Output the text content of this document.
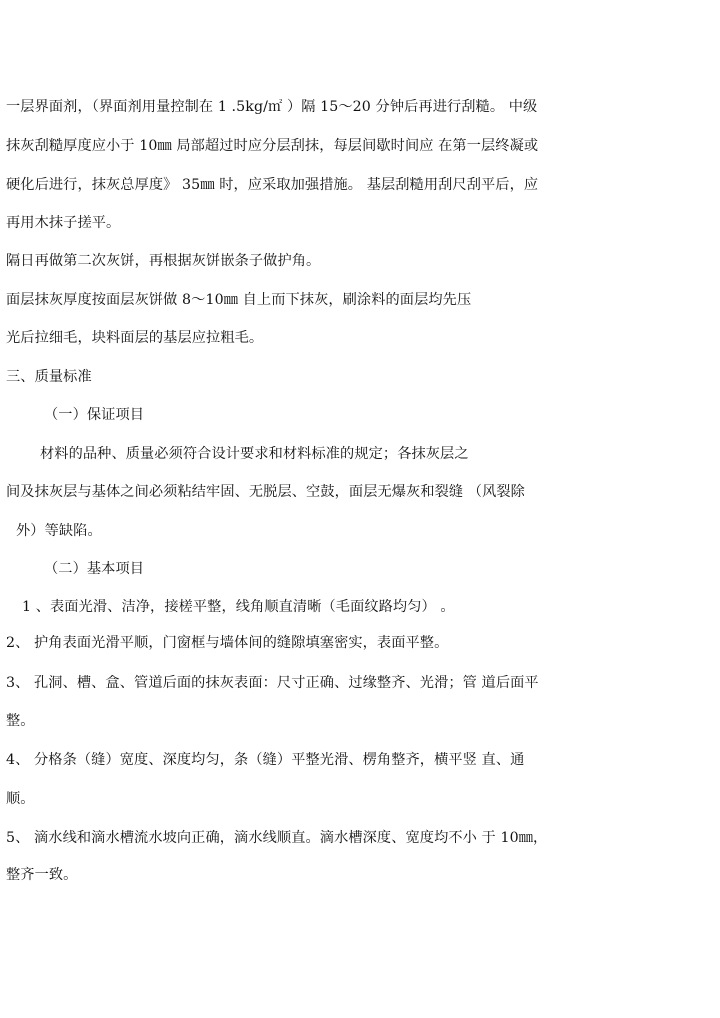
一层界面剂，（界面剂用量控制在 1 .5kg/㎡ ）隔 15～20 分钟后再进行刮糙。 中级
抹灰刮糙厚度应小于 10㎜ 局部超过时应分层刮抹，每层间歇时间应 在第一层终凝或
硬化后进行，抹灰总厚度》 35㎜ 时，应采取加强措施。 基层刮糙用刮尺刮平后，应
再用木抹子搓平。
隔日再做第二次灰饼，再根据灰饼嵌条子做护角。
面层抹灰厚度按面层灰饼做 8～10㎜ 自上而下抹灰，刷涂料的面层均先压
光后拉细毛，块料面层的基层应拉粗毛。
三、质量标准
（一）保证项目
材料的品种、质量必须符合设计要求和材料标准的规定；各抹灰层之
间及抹灰层与基体之间必须粘结牢固、无脱层、空鼓，面层无爆灰和裂缝 （风裂除
外）等缺陷。
（二）基本项目
1 、表面光滑、洁净，接槎平整，线角顺直清晰（毛面纹路均匀） 。
2、 护角表面光滑平顺，门窗框与墙体间的缝隙填塞密实，表面平整。
3、 孔洞、槽、盒、管道后面的抹灰表面：尺寸正确、过缘整齐、光滑；管 道后面平
整。
4、 分格条（缝）宽度、深度均匀，条（缝）平整光滑、楞角整齐，横平竖 直、通
顺。
5、 滴水线和滴水槽流水坡向正确，滴水线顺直。滴水槽深度、宽度均不小 于 10㎜，
整齐一致。
